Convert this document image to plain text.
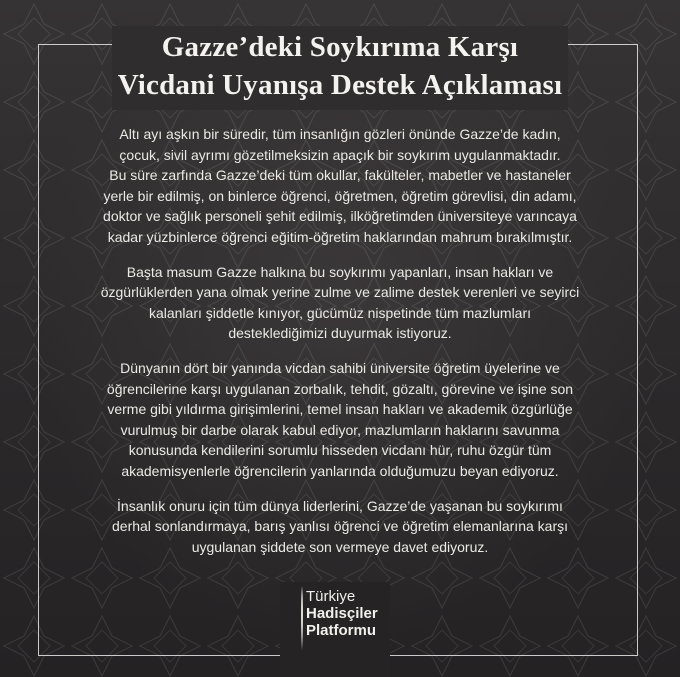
Gazze’deki Soykırıma Karşı
Vicdani Uyanışa Destek Açıklaması

Altı ayı aşkın bir süredir, tüm insanlığın gözleri önünde Gazze’de kadın,
çocuk, sivil ayrımı gözetilmeksizin apaçık bir soykırım uygulanmaktadır.
Bu süre zarfında Gazze’deki tüm okullar, fakülteler, mabetler ve hastaneler
yerle bir edilmiş, on binlerce öğrenci, öğretmen, öğretim görevlisi, din adamı,
doktor ve sağlık personeli şehit edilmiş, ilköğretimden üniversiteye varıncaya
kadar yüzbinlerce öğrenci eğitim-öğretim haklarından mahrum bırakılmıştır.

Başta masum Gazze halkına bu soykırımı yapanları, insan hakları ve
özgürlüklerden yana olmak yerine zulme ve zalime destek verenleri ve seyirci
kalanları şiddetle kınıyor, gücümüz nispetinde tüm mazlumları
desteklediğimizi duyurmak istiyoruz.

Dünyanın dört bir yanında vicdan sahibi üniversite öğretim üyelerine ve
öğrencilerine karşı uygulanan zorbalık, tehdit, gözaltı, görevine ve işine son
verme gibi yıldırma girişimlerini, temel insan hakları ve akademik özgürlüğe
vurulmuş bir darbe olarak kabul ediyor, mazlumların haklarını savunma
konusunda kendilerini sorumlu hisseden vicdanı hür, ruhu özgür tüm
akademisyenlerle öğrencilerin yanlarında olduğumuzu beyan ediyoruz.

İnsanlık onuru için tüm dünya liderlerini, Gazze’de yaşanan bu soykırımı
derhal sonlandırmaya, barış yanlısı öğrenci ve öğretim elemanlarına karşı
uygulanan şiddete son vermeye davet ediyoruz.

Türkiye
Hadisçiler
Platformu
